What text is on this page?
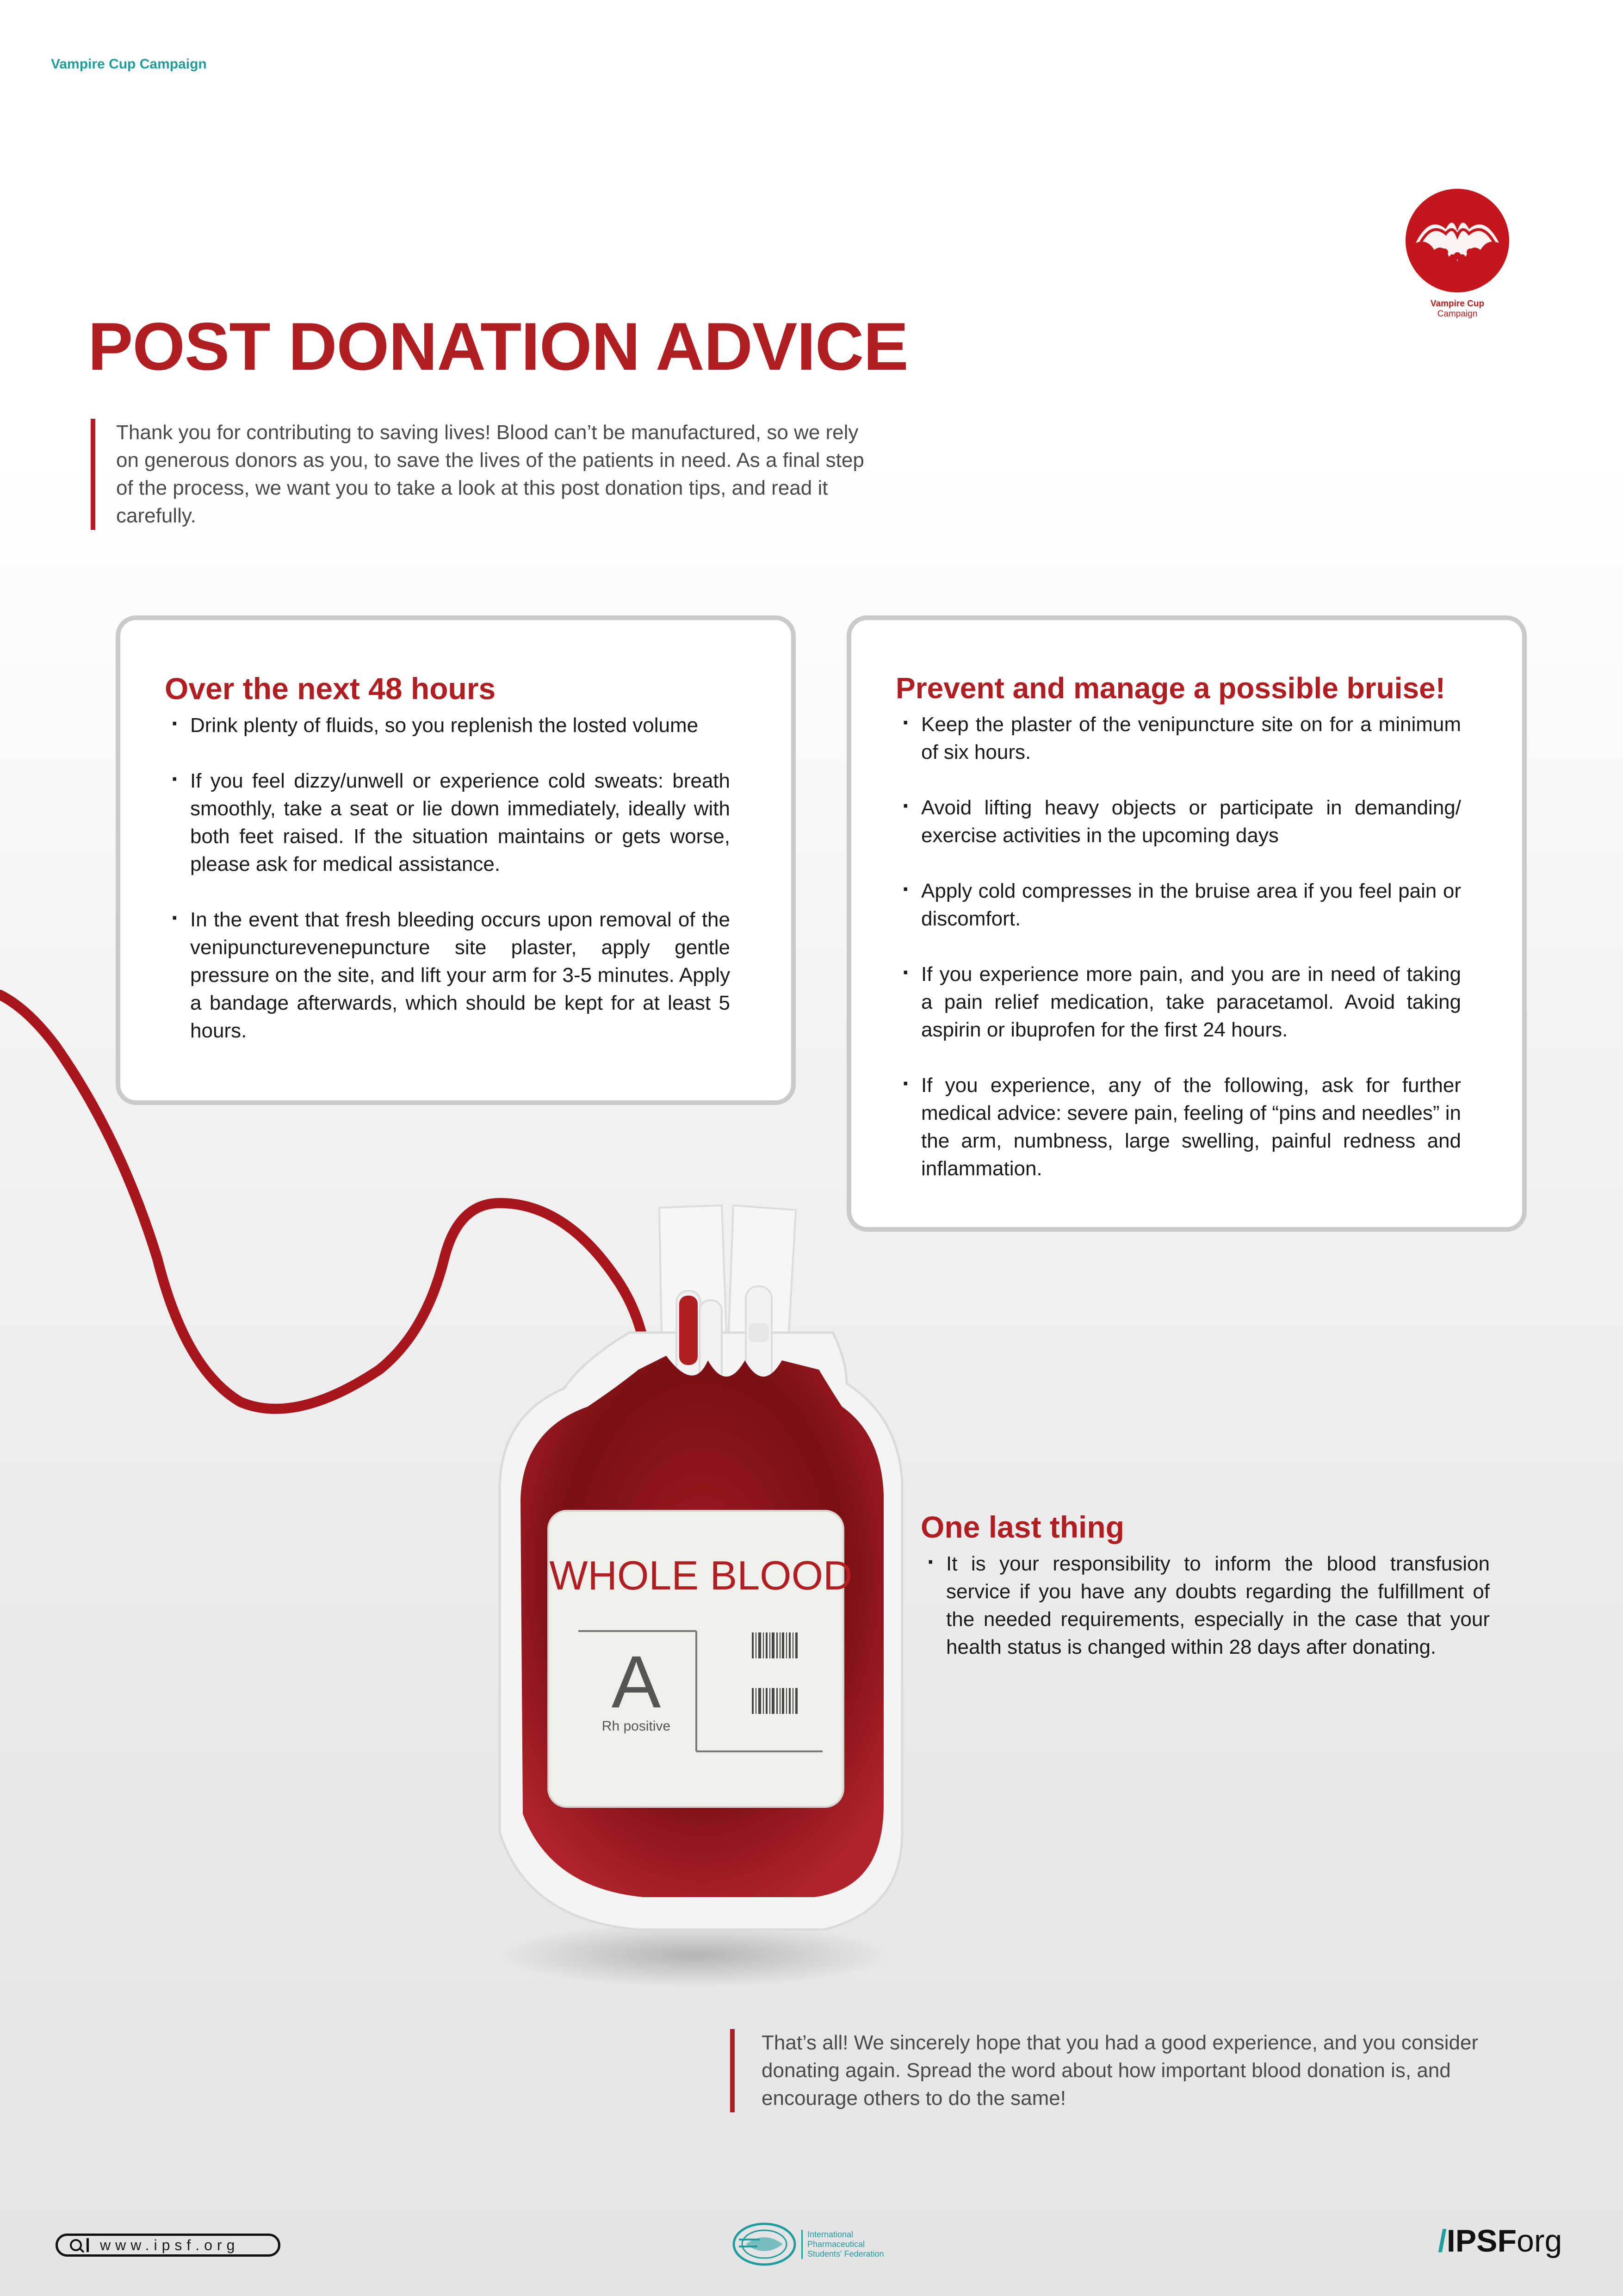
Vampire Cup Campaign
Vampire Cup
Campaign
POST DONATION ADVICE
Thank you for contributing to saving lives! Blood can’t be manufactured, so we rely on generous donors as you, to save the lives of the patients in need. As a final step of the process, we want you to take a look at this post donation tips, and read it carefully.
WHOLE BLOOD
A
Rh positive
Over the next 48 hours
· Drink plenty of fluids, so you replenish the losted volume
· If you feel dizzy/unwell or experience cold sweats: breath smoothly, take a seat or lie down immediately, ideally with both feet raised. If the situation maintains or gets worse, please ask for medical assistance.
· In the event that fresh bleeding occurs upon removal of the venipuncturevenepuncture site plaster, apply gentle pressure on the site, and lift your arm for 3-5 minutes. Apply a bandage afterwards, which should be kept for at least 5 hours.
Prevent and manage a possible bruise!
· Keep the plaster of the venipuncture site on for a minimum of six hours.
· Avoid lifting heavy objects or participate in demanding/ exercise activities in the upcoming days
· Apply cold compresses in the bruise area if you feel pain or discomfort.
· If you experience more pain, and you are in need of taking a pain relief medication, take paracetamol. Avoid taking aspirin or ibuprofen for the first 24 hours.
· If you experience, any of the following, ask for further medical advice: severe pain, feeling of “pins and needles” in the arm, numbness, large swelling, painful redness and inflammation.
One last thing
· It is your responsibility to inform the blood transfusion service if you have any doubts regarding the fulfillment of the needed requirements, especially in the case that your health status is changed within 28 days after donating.
That’s all! We sincerely hope that you had a good experience, and you consider donating again. Spread the word about how important blood donation is, and encourage others to do the same!
www.ipsf.org
International
Pharmaceutical
Students' Federation	/IPSForg
